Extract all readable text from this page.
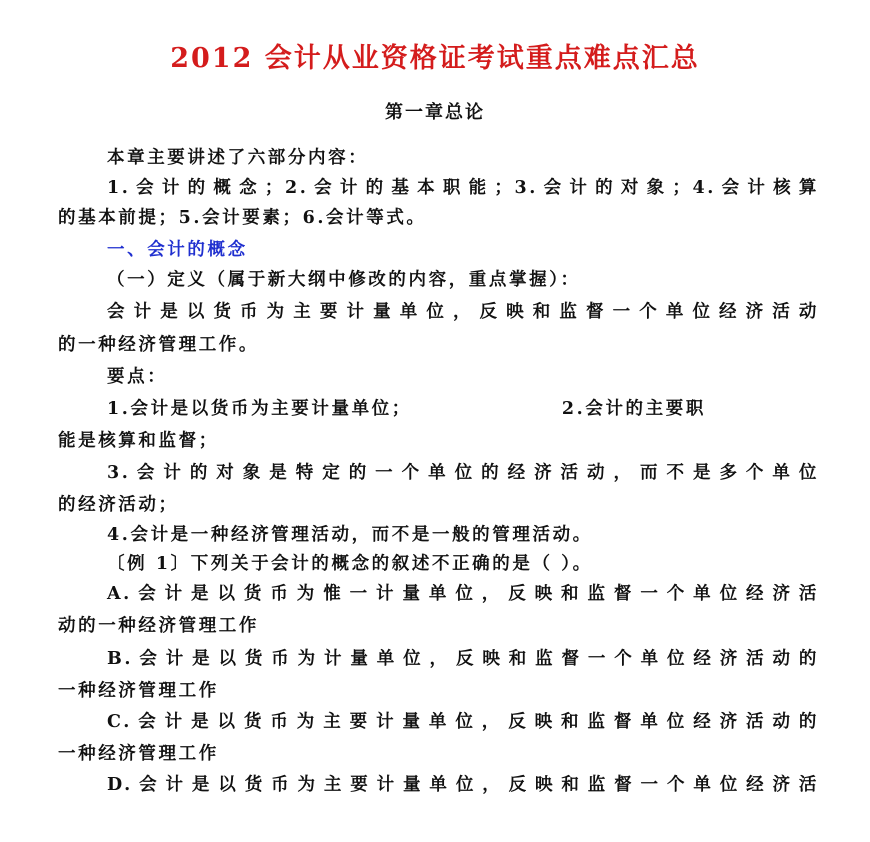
2012 会计从业资格证考试重点难点汇总
第一章总论
本章主要讲述了六部分内容：
1.会计的概念；2.会计的基本职能；3.会计的对象；4.会计核算
的基本前提；5.会计要素；6.会计等式。
一、会计的概念
（一）定义（属于新大纲中修改的内容，重点掌握）：
会计是以货币为主要计量单位，反映和监督一个单位经济活动
的一种经济管理工作。
要点：
1.会计是以货币为主要计量单位；	2.会计的主要职
能是核算和监督；
3.会计的对象是特定的一个单位的经济活动，而不是多个单位
的经济活动；
4.会计是一种经济管理活动，而不是一般的管理活动。
〔例 1〕下列关于会计的概念的叙述不正确的是（ ）。
A.会计是以货币为惟一计量单位，反映和监督一个单位经济活
动的一种经济管理工作
B.会计是以货币为计量单位，反映和监督一个单位经济活动的
一种经济管理工作
C.会计是以货币为主要计量单位，反映和监督单位经济活动的
一种经济管理工作
D.会计是以货币为主要计量单位，反映和监督一个单位经济活
